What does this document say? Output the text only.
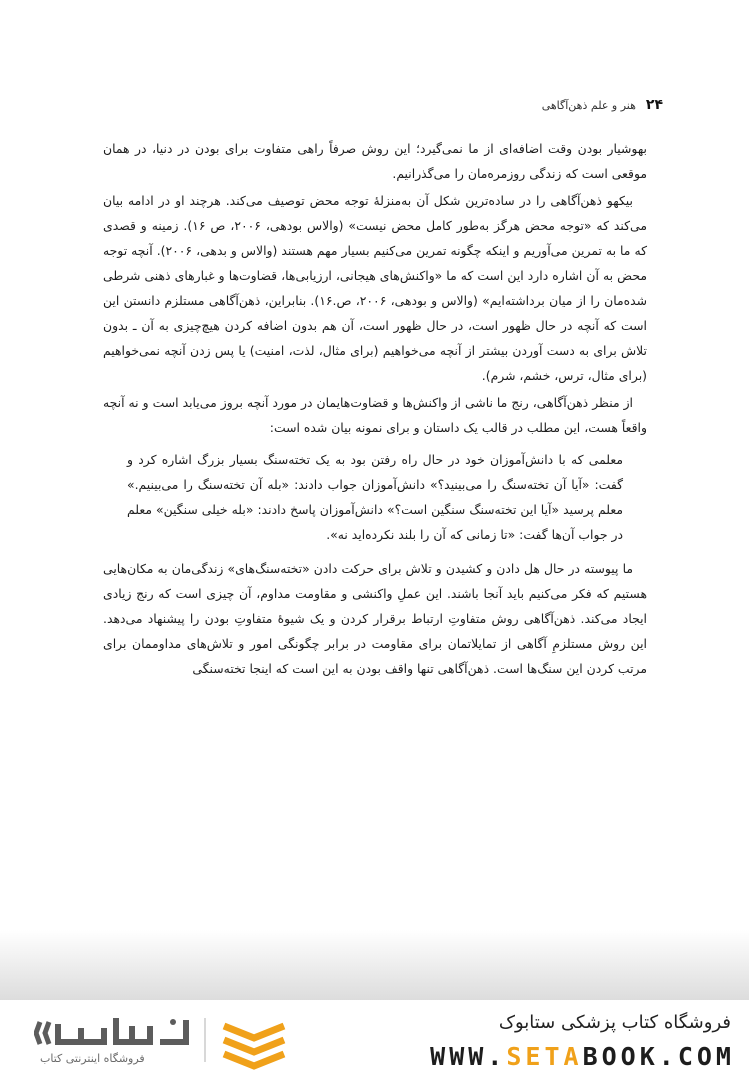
۲۴
هنر و علم ذهن‌آگاهی

بهوشیار بودن وقت اضافه‌ای از ما نمی‌گیرد؛ این روش صرفاً راهی متفاوت برای بودن در دنیا، در همان موقعی است که زندگی روزمره‌مان را می‌گذرانیم.

بیکهو ذهن‌آگاهی را در ساده‌ترین شکل آن به‌منزلهٔ توجه محض توصیف می‌کند. هرچند او در ادامه بیان می‌کند که «توجه محض هرگز به‌طور کامل محض نیست» (والاس بودهی، ۲۰۰۶، ص ۱۶). زمینه و قصدی که ما به تمرین می‌آوریم و اینکه چگونه تمرین می‌کنیم بسیار مهم هستند (والاس و بدهی، ۲۰۰۶). آنچه توجه محض به آن اشاره دارد این است که ما «واکنش‌های هیجانی، ارزیابی‌ها، قضاوت‌ها و غبارهای ذهنی شرطی شده‌مان را از میان برداشته‌ایم» (والاس و بودهی، ۲۰۰۶، ص.۱۶). بنابراین، ذهن‌آگاهی مستلزم دانستن این است که آنچه در حال ظهور است، در حال ظهور است، آن هم بدون اضافه کردن هیچ‌چیزی به آن ـ بدون تلاش برای به دست آوردن بیشتر از آنچه می‌خواهیم (برای مثال، لذت، امنیت) یا پس زدن آنچه نمی‌خواهیم (برای مثال، ترس، خشم، شرم).

از منظر ذهن‌آگاهی، رنج ما ناشی از واکنش‌ها و قضاوت‌هایمان در مورد آنچه بروز می‌یابد است و نه آنچه واقعاً هست، این مطلب در قالب یک داستان و برای نمونه بیان شده است:

معلمی که با دانش‌آموزان خود در حال راه رفتن بود به یک تخته‌سنگ بسیار بزرگ اشاره کرد و گفت: «آیا آن تخته‌سنگ را می‌بینید؟» دانش‌آموزان جواب دادند: «بله آن تخته‌سنگ را می‌بینیم.» معلم پرسید «آیا این تخته‌سنگ سنگین است؟» دانش‌آموزان پاسخ دادند: «بله خیلی سنگین» معلم در جواب آن‌ها گفت: «تا زمانی که آن را بلند نکرده‌اید نه».

ما پیوسته در حال هل دادن و کشیدن و تلاش برای حرکت دادن «تخته‌سنگ‌های» زندگی‌مان به مکان‌هایی هستیم که فکر می‌کنیم باید آنجا باشند. این عملِ واکنشی و مقاومت مداوم، آن چیزی است که رنج زیادی ایجاد می‌کند. ذهن‌آگاهی روش متفاوتِ ارتباط برقرار کردن و یک شیوهٔ متفاوتِ بودن را پیشنهاد می‌دهد. این روش مستلزمِ آگاهی از تمایلاتمان برای مقاومت در برابر چگونگی امور و تلاش‌های مداوممان برای مرتب کردن این سنگ‌ها است. ذهن‌آگاهی تنها واقف بودن به این است که اینجا تخته‌سنگی

فروشگاه اینترنتی کتاب
فروشگاه کتاب پزشکی ستابوک
WWW.SETABOOK.COM
